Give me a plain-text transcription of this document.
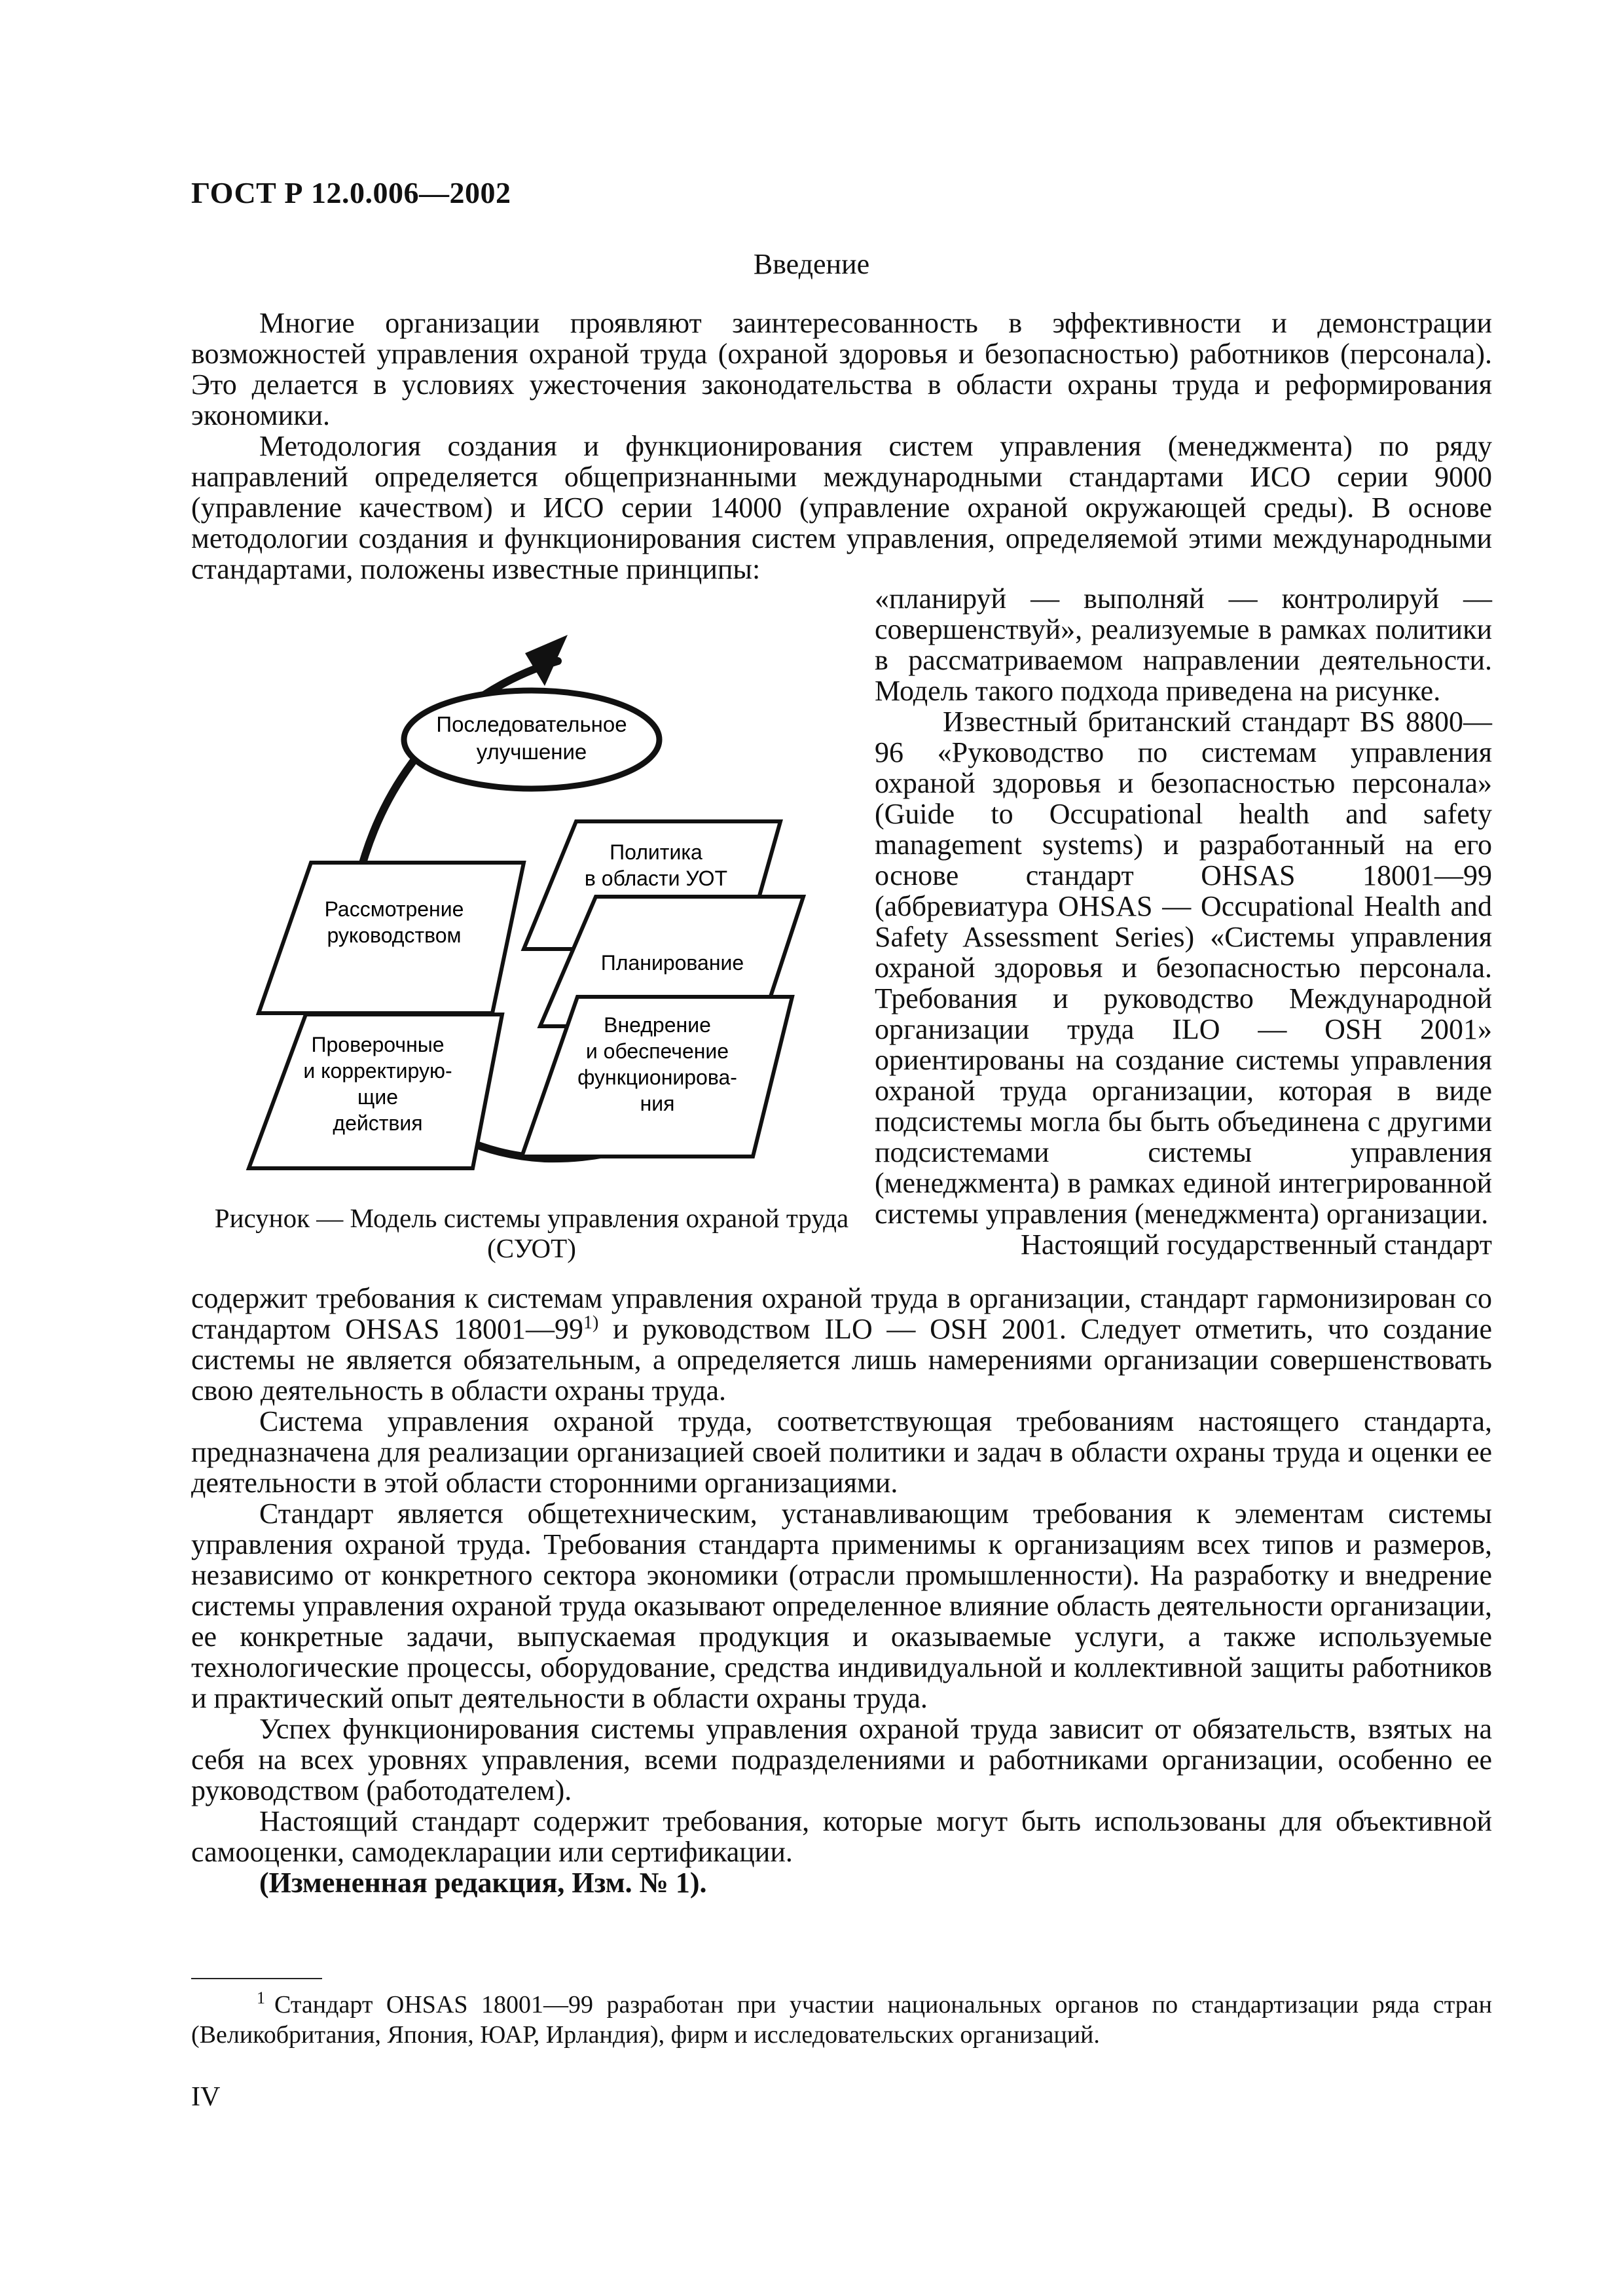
ГОСТ Р 12.0.006—2002
Введение

Многие организации проявляют заинтересованность в эффективности и демонстрации возможностей управления охраной труда (охраной здоровья и безопасностью) работников (персонала). Это делается в условиях ужесточения законодательства в области охраны труда и реформирования экономики.

Методология создания и функционирования систем управления (менеджмента) по ряду направлений определяется общепризнанными международными стандартами ИСО серии 9000 (управление качеством) и ИСО серии 14000 (управление охраной окружающей среды). В основе методологии создания и функционирования систем управления, определяемой этими международными стандартами, положены известные принципы:

Последовательное
улучшение
Политика
в области УОТ
Рассмотрение
руководством
Планирование
Проверочные
и корректирую-
щие
действия
Внедрение
и обеспечение
функционирова-
ния
Рисунок — Модель системы управления охраной труда
(СУОТ)

«планируй — выполняй — контролируй — совершенствуй», реализуемые в рамках политики в рассматриваемом направлении деятельности. Модель такого подхода приведена на рисунке.

Известный британский стандарт BS 8800—96 «Руководство по системам управления охраной здоровья и безопасностью персонала» (Guide to Occupational health and safety management systems) и разработанный на его основе стандарт OHSAS 18001—99 (аббревиатура OHSAS — Occupational Health and Safety Assessment Series) «Системы управления охраной здоровья и безопасностью персонала. Требования и руководство Международной организации труда ILO — OSH 2001» ориентированы на создание системы управления охраной труда организации, которая в виде подсистемы могла бы быть объединена с другими подсистемами системы управления (менеджмента) в рамках единой интегрированной системы управления (менеджмента) организации.

Настоящий государственный стандарт

содержит требования к системам управления охраной труда в организации, стандарт гармонизирован со стандартом OHSAS 18001—99$^{1)}$ и руководством ILO — OSH 2001. Следует отметить, что создание системы не является обязательным, а определяется лишь намерениями организации совершенствовать свою деятельность в области охраны труда.

Система управления охраной труда, соответствующая требованиям настоящего стандарта, предназначена для реализации организацией своей политики и задач в области охраны труда и оценки ее деятельности в этой области сторонними организациями.

Стандарт является общетехническим, устанавливающим требования к элементам системы управления охраной труда. Требования стандарта применимы к организациям всех типов и размеров, независимо от конкретного сектора экономики (отрасли промышленности). На разработку и внедрение системы управления охраной труда оказывают определенное влияние область деятельности организации, ее конкретные задачи, выпускаемая продукция и оказываемые услуги, а также используемые технологические процессы, оборудование, средства индивидуальной и коллективной защиты работников и практический опыт деятельности в области охраны труда.

Успех функционирования системы управления охраной труда зависит от обязательств, взятых на себя на всех уровнях управления, всеми подразделениями и работниками организации, особенно ее руководством (работодателем).

Настоящий стандарт содержит требования, которые могут быть использованы для объективной самооценки, самодекларации или сертификации.

(Измененная редакция, Изм. № 1).

$^1$ Стандарт OHSAS 18001—99 разработан при участии национальных органов по стандартизации ряда стран (Великобритания, Япония, ЮАР, Ирландия), фирм и исследовательских организаций.
IV
